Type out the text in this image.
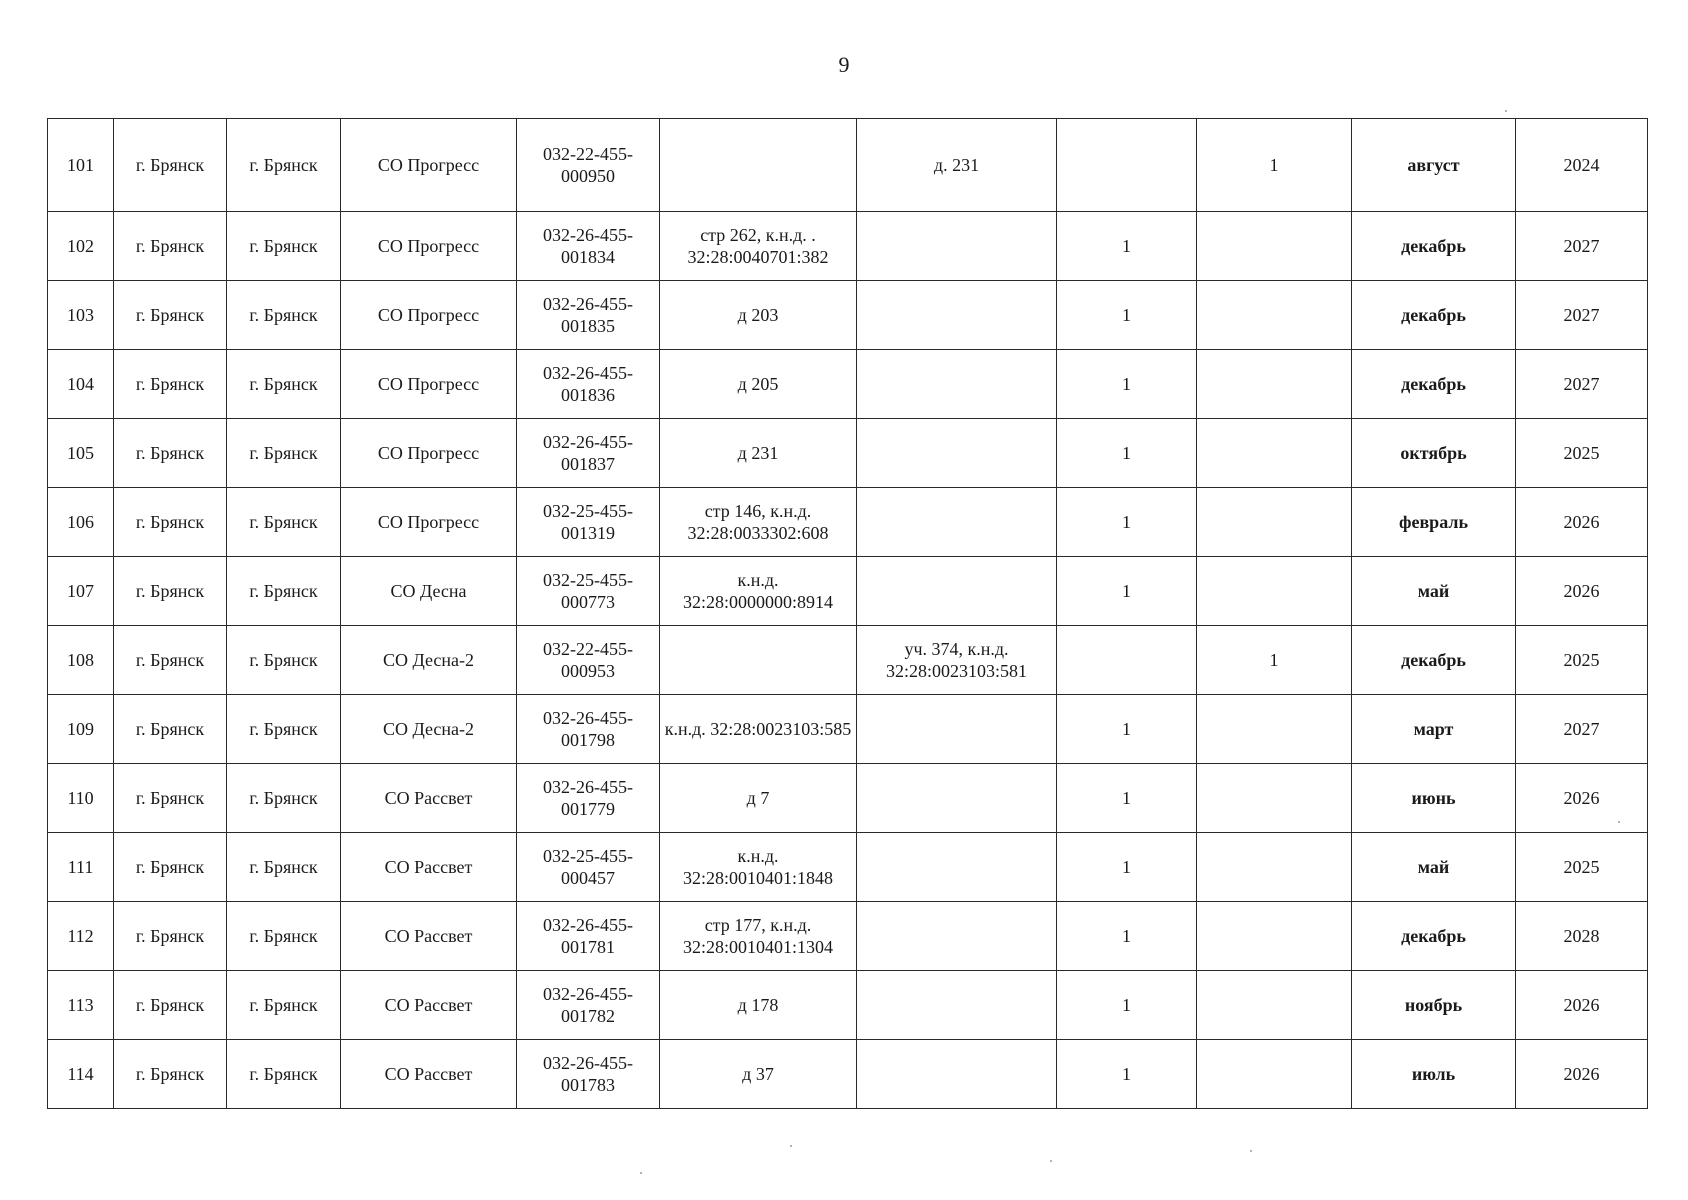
9
101	г. Брянск	г. Брянск	СО Прогресс	032-22-455-000950		д. 231		1	август	2024
102	г. Брянск	г. Брянск	СО Прогресс	032-26-455-001834	стр 262, к.н.д. . 32:28:0040701:382		1		декабрь	2027
103	г. Брянск	г. Брянск	СО Прогресс	032-26-455-001835	д 203		1		декабрь	2027
104	г. Брянск	г. Брянск	СО Прогресс	032-26-455-001836	д 205		1		декабрь	2027
105	г. Брянск	г. Брянск	СО Прогресс	032-26-455-001837	д 231		1		октябрь	2025
106	г. Брянск	г. Брянск	СО Прогресс	032-25-455-001319	стр 146, к.н.д. 32:28:0033302:608		1		февраль	2026
107	г. Брянск	г. Брянск	СО Десна	032-25-455-000773	к.н.д. 32:28:0000000:8914		1		май	2026
108	г. Брянск	г. Брянск	СО Десна-2	032-22-455-000953		уч. 374, к.н.д. 32:28:0023103:581		1	декабрь	2025
109	г. Брянск	г. Брянск	СО Десна-2	032-26-455-001798	к.н.д. 32:28:0023103:585		1		март	2027
110	г. Брянск	г. Брянск	СО Рассвет	032-26-455-001779	д 7		1		июнь	2026
111	г. Брянск	г. Брянск	СО Рассвет	032-25-455-000457	к.н.д. 32:28:0010401:1848		1		май	2025
112	г. Брянск	г. Брянск	СО Рассвет	032-26-455-001781	стр 177, к.н.д. 32:28:0010401:1304		1		декабрь	2028
113	г. Брянск	г. Брянск	СО Рассвет	032-26-455-001782	д 178		1		ноябрь	2026
114	г. Брянск	г. Брянск	СО Рассвет	032-26-455-001783	д 37		1		июль	2026
